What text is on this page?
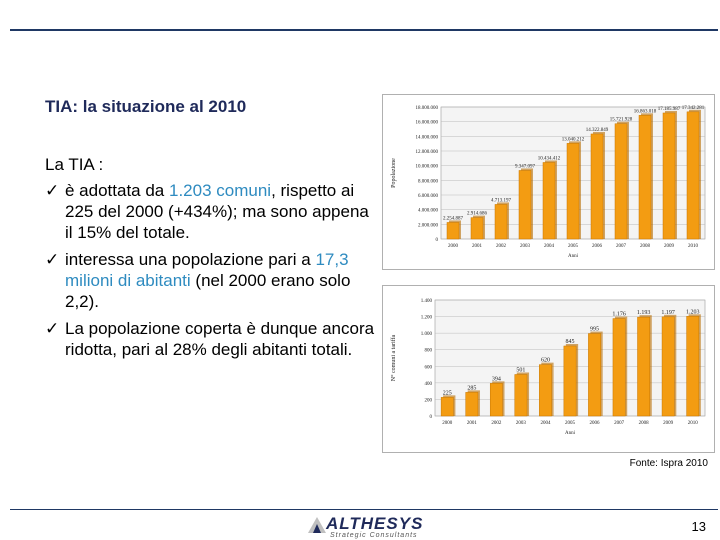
TIA: la situazione al 2010
La TIA :
✓ è adottata da 1.203 comuni, rispetto ai 225 del 2000 (+434%); ma sono appena il 15% del totale.
✓ interessa una popolazione pari a 17,3 milioni di abitanti (nel 2000 erano solo 2,2).
✓ La popolazione coperta è dunque ancora ridotta, pari al 28% degli abitanti totali.
0
2.000.000
4.000.000
6.000.000
8.000.000
10.000.000
12.000.000
14.000.000
16.000.000
18.000.000
2.254.887
2000
2.914.686
2001
4.713.197
2002
9.347.097
2003
10.434.412
2004
13.040.212
2005
14.322.849
2006
15.721.928
2007
16.863.018
2008
17.185.987
2009
17.342.281
2010
Anni
Popolazione
0
200
400
600
800
1.000
1.200
1.400
225
2000
285
2001
394
2002
501
2003
620
2004
845
2005
995
2006
1.176
2007
1.193
2008
1.197
2009
1.203
2010
Anni
N° comuni a tariffa
Fonte: Ispra 2010
ALTHESYS
Strategic Consultants
13
